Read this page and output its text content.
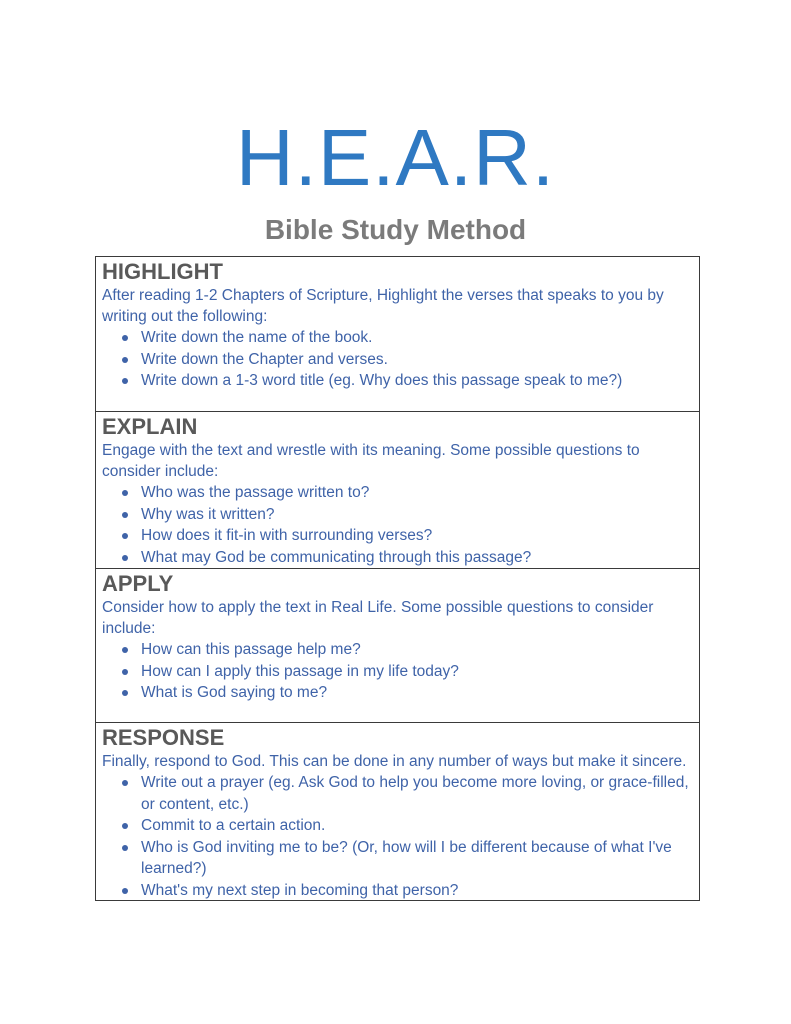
H.E.A.R.
Bible Study Method
HIGHLIGHT
After reading 1-2 Chapters of Scripture, Highlight the verses that speaks to you by writing out the following:
Write down the name of the book.
Write down the Chapter and verses.
Write down a 1-3 word title (eg. Why does this passage speak to me?)
EXPLAIN
Engage with the text and wrestle with its meaning. Some possible questions to consider include:
Who was the passage written to?
Why was it written?
How does it fit-in with surrounding verses?
What may God be communicating through this passage?
APPLY
Consider how to apply the text in Real Life. Some possible questions to consider include:
How can this passage help me?
How can I apply this passage in my life today?
What is God saying to me?
RESPONSE
Finally, respond to God. This can be done in any number of ways but make it sincere.
Write out a prayer (eg. Ask God to help you become more loving, or grace-filled, or content, etc.)
Commit to a certain action.
Who is God inviting me to be? (Or, how will I be different because of what I've learned?)
What's my next step in becoming that person?
